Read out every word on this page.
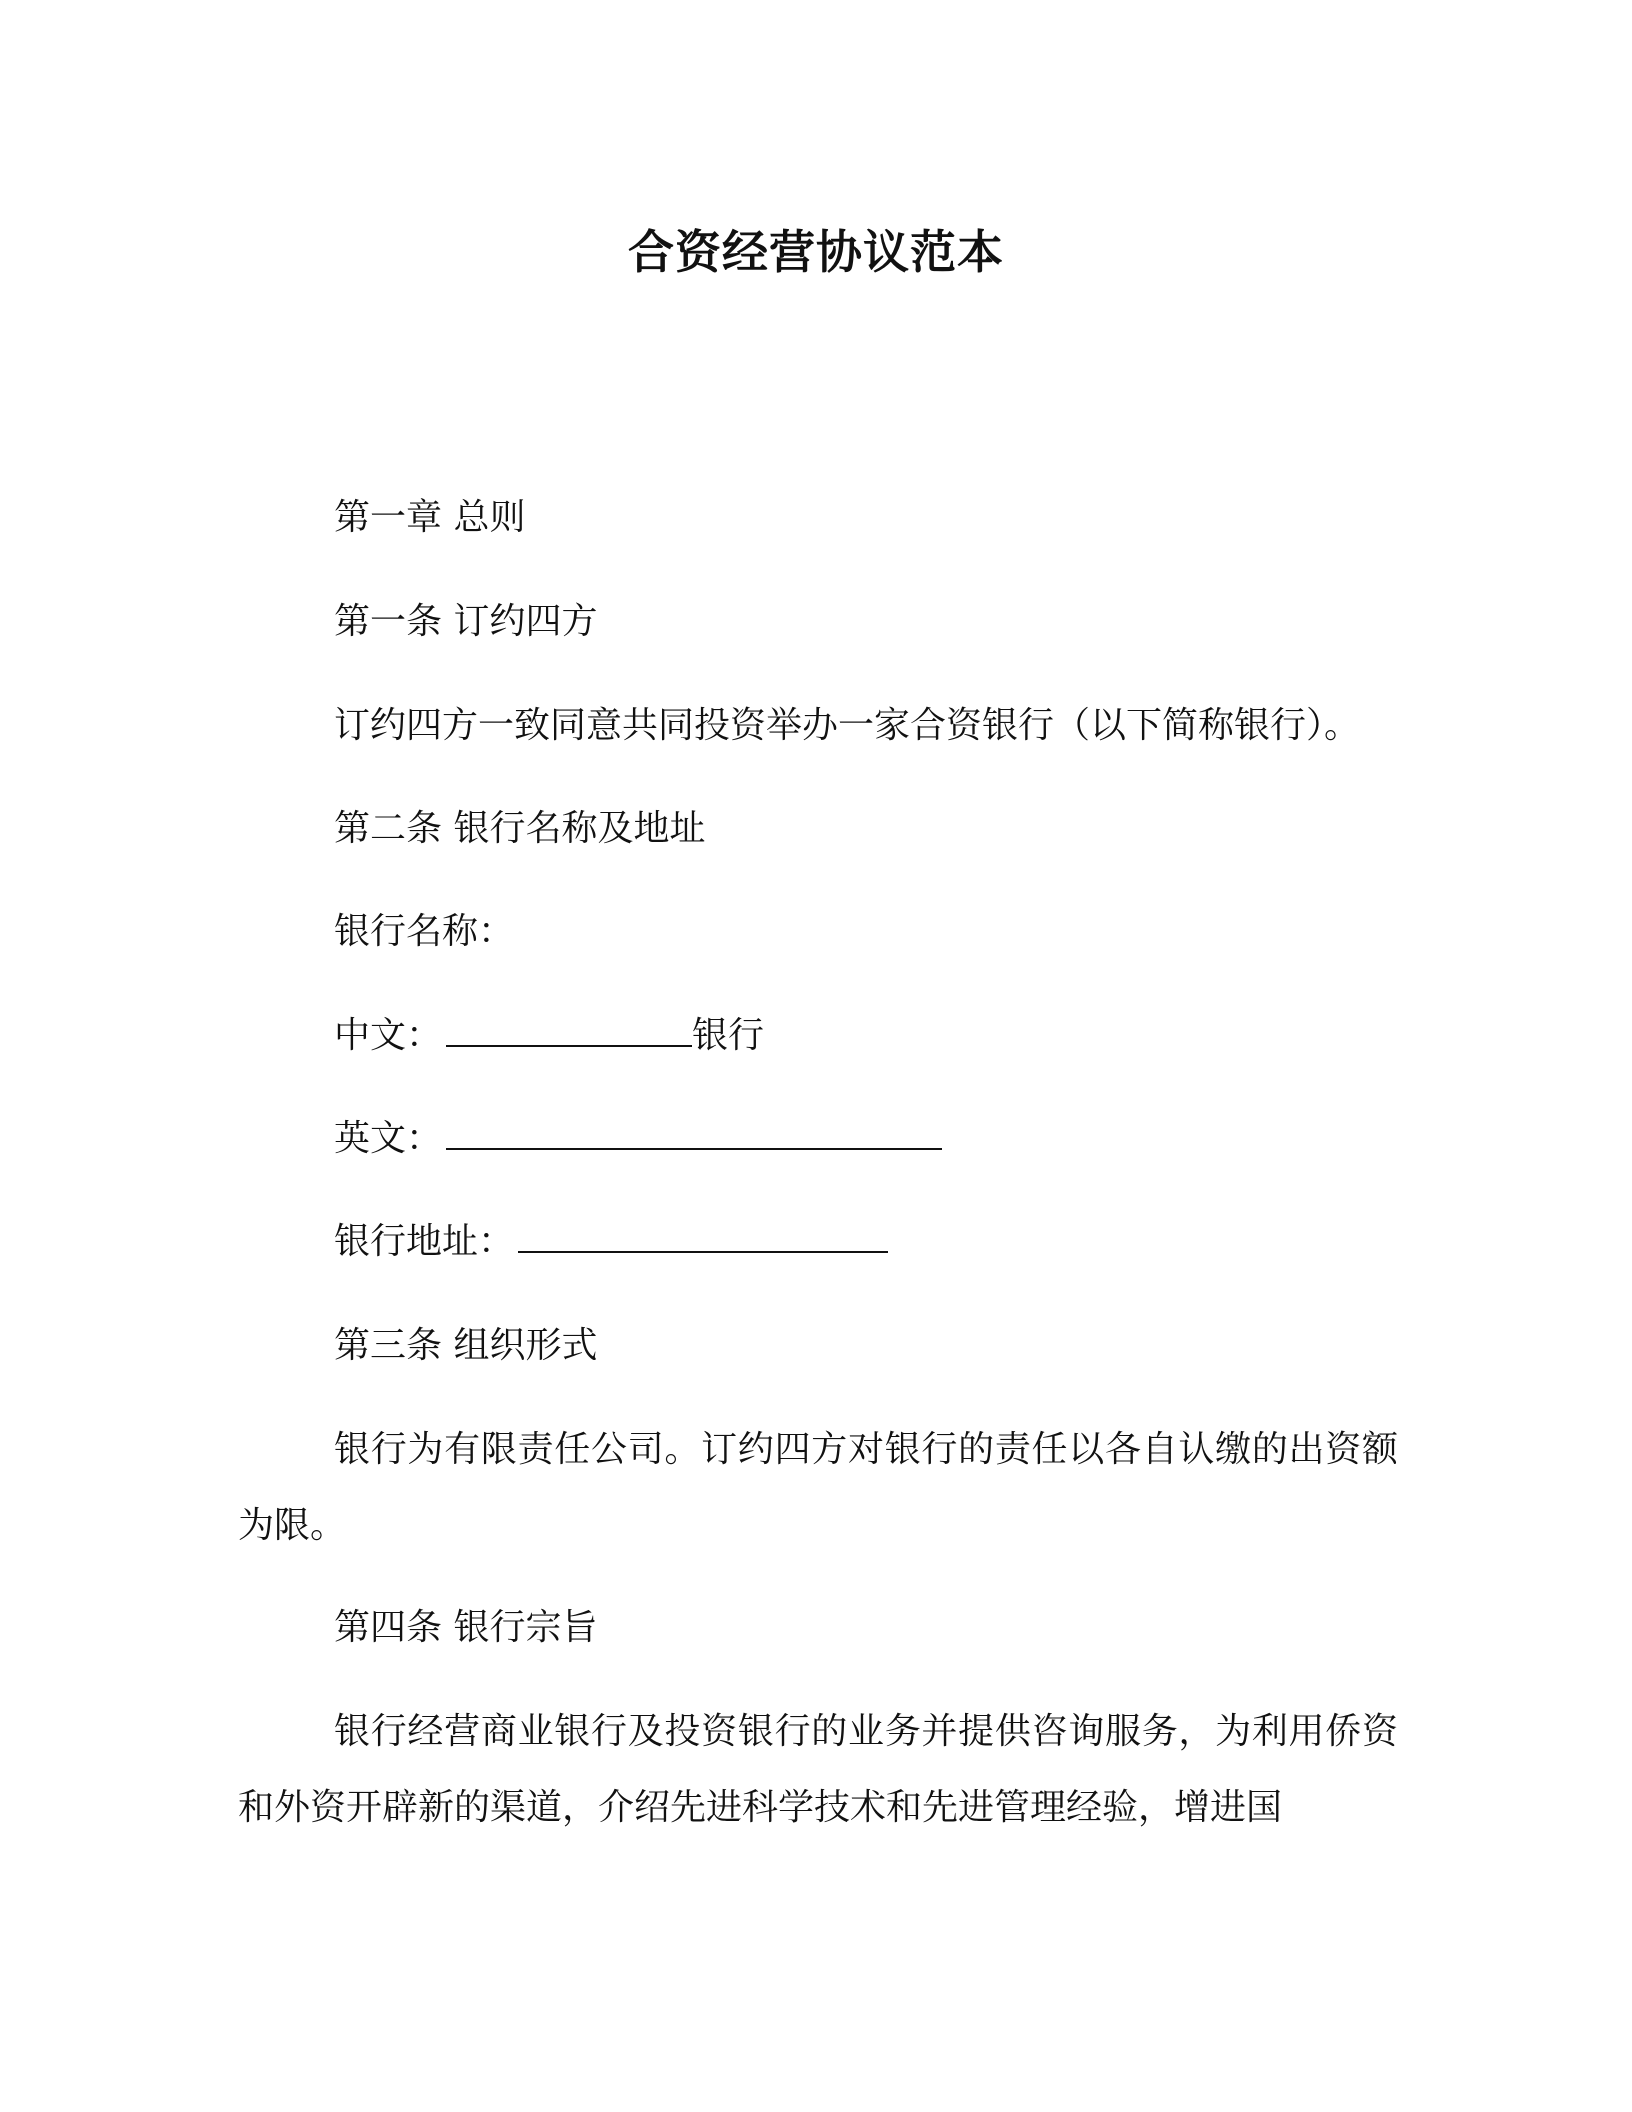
合资经营协议范本
第一章 总则
第一条 订约四方
订约四方一致同意共同投资举办一家合资银行（以下简称银行）。
第二条 银行名称及地址
银行名称：
中文：	银行
英文：
银行地址：
第三条 组织形式
银行为有限责任公司。订约四方对银行的责任以各自认缴的出资额为限。
第四条 银行宗旨
银行经营商业银行及投资银行的业务并提供咨询服务，为利用侨资和外资开辟新的渠道，介绍先进科学技术和先进管理经验，增进国
